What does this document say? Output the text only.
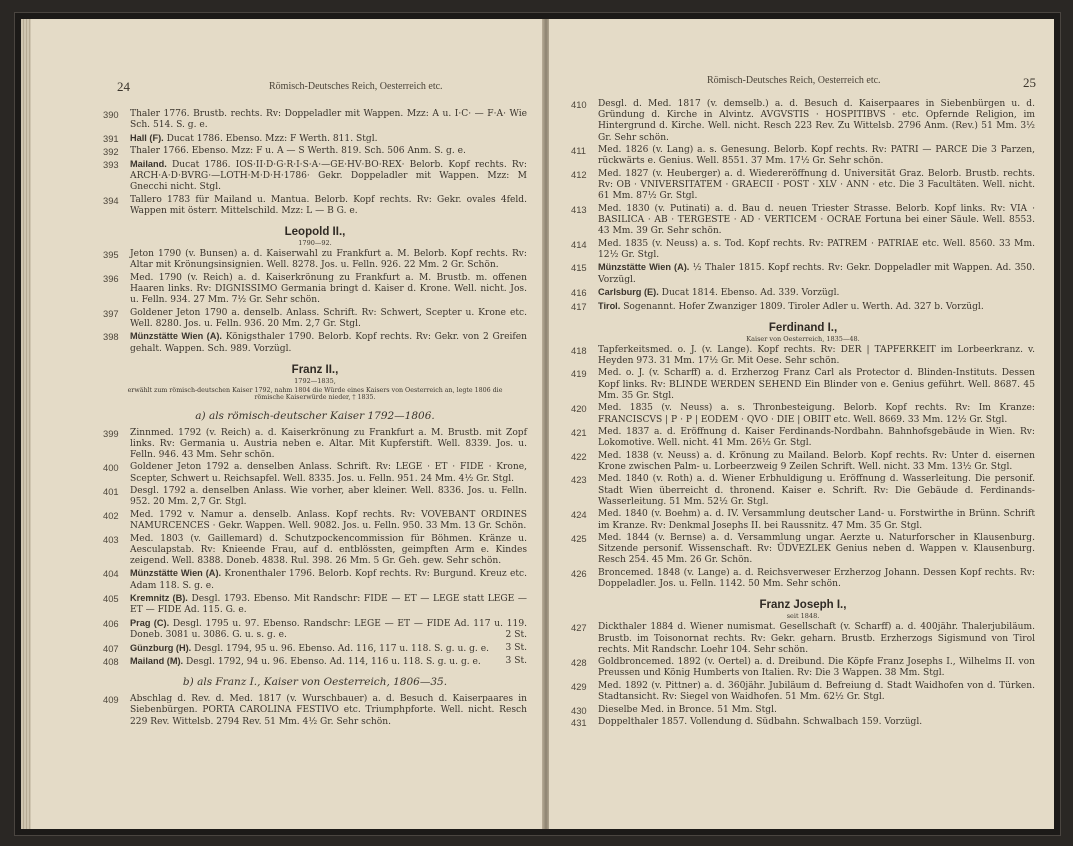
24	Römisch-Deutsches Reich, Oesterreich etc.
390	Thaler 1776. Brustb. rechts. Rv: Doppeladler mit Wappen. Mzz: A u. I·C· — F·A· Wie Sch. 514. S. g. e.
391	Hall (F). Ducat 1786. Ebenso. Mzz: F Werth. 811. Stgl.
392	Thaler 1766. Ebenso. Mzz: F u. A — S Werth. 819. Sch. 506 Anm. S. g. e.
393	Mailand. Ducat 1786. IOS·II·D·G·R·I·S·A·—GE·HV·BO·REX· Belorb. Kopf rechts. Rv: ARCH·A·D·BVRG·—LOTH·M·D·H·1786· Gekr. Doppeladler mit Wappen. Mzz: M Gnecchi nicht. Stgl.
394	Tallero 1783 für Mailand u. Mantua. Belorb. Kopf rechts. Rv: Gekr. ovales 4feld. Wappen mit österr. Mittelschild. Mzz: L — B G. e.
Leopold II.,
1790—92.
395	Jeton 1790 (v. Bunsen) a. d. Kaiserwahl zu Frankfurt a. M. Belorb. Kopf rechts. Rv: Altar mit Krönungsinsignien. Well. 8278. Jos. u. Felln. 926. 22 Mm. 2 Gr. Schön.
396	Med. 1790 (v. Reich) a. d. Kaiserkrönung zu Frankfurt a. M. Brustb. m. offenen Haaren links. Rv: DIGNISSIMO Germania bringt d. Kaiser d. Krone. Well. nicht. Jos. u. Felln. 934. 27 Mm. 7½ Gr. Sehr schön.
397	Goldener Jeton 1790 a. denselb. Anlass. Schrift. Rv: Schwert, Scepter u. Krone etc. Well. 8280. Jos. u. Felln. 936. 20 Mm. 2,7 Gr. Stgl.
398	Münzstätte Wien (A). Königsthaler 1790. Belorb. Kopf rechts. Rv: Gekr. von 2 Greifen gehalt. Wappen. Sch. 989. Vorzügl.
Franz II.,
1792—1835,
erwählt zum römisch-deutschen Kaiser 1792, nahm 1804 die Würde eines Kaisers von Oesterreich an, legte 1806 die römische Kaiserwürde nieder, † 1835.
a) als römisch-deutscher Kaiser 1792—1806.
399	Zinnmed. 1792 (v. Reich) a. d. Kaiserkrönung zu Frankfurt a. M. Brustb. mit Zopf links. Rv: Germania u. Austria neben e. Altar. Mit Kupferstift. Well. 8339. Jos. u. Felln. 946. 43 Mm. Sehr schön.
400	Goldener Jeton 1792 a. denselben Anlass. Schrift. Rv: LEGE · ET · FIDE · Krone, Scepter, Schwert u. Reichsapfel. Well. 8335. Jos. u. Felln. 951. 24 Mm. 4½ Gr. Stgl.
401	Desgl. 1792 a. denselben Anlass. Wie vorher, aber kleiner. Well. 8336. Jos. u. Felln. 952. 20 Mm. 2,7 Gr. Stgl.
402	Med. 1792 v. Namur a. denselb. Anlass. Kopf rechts. Rv: VOVEBANT ORDINES NAMURCENCES · Gekr. Wappen. Well. 9082. Jos. u. Felln. 950. 33 Mm. 13 Gr. Schön.
403	Med. 1803 (v. Gaillemard) d. Schutzpockencommission für Böhmen. Kränze u. Aesculapstab. Rv: Knieende Frau, auf d. entblössten, geimpften Arm e. Kindes zeigend. Well. 8388. Doneb. 4838. Rul. 398. 26 Mm. 5 Gr. Geh. gew. Sehr schön.
404	Münzstätte Wien (A). Kronenthaler 1796. Belorb. Kopf rechts. Rv: Burgund. Kreuz etc. Adam 118. S. g. e.
405	Kremnitz (B). Desgl. 1793. Ebenso. Mit Randschr: FIDE — ET — LEGE statt LEGE — ET — FIDE Ad. 115. G. e.
406	Prag (C). Desgl. 1795 u. 97. Ebenso. Randschr: LEGE — ET — FIDE Ad. 117 u. 119. Doneb. 3081 u. 3086. G. u. s. g. e.	2 St.
407	Günzburg (H). Desgl. 1794, 95 u. 96. Ebenso. Ad. 116, 117 u. 118. S. g. u. g. e. 3 St.
408	Mailand (M). Desgl. 1792, 94 u. 96. Ebenso. Ad. 114, 116 u. 118. S. g. u. g. e.	3 St.
b) als Franz I., Kaiser von Oesterreich, 1806—35.
409	Abschlag d. Rev. d. Med. 1817 (v. Wurschbauer) a. d. Besuch d. Kaiserpaares in Siebenbürgen. PORTA CAROLINA FESTIVO etc. Triumphpforte. Well. nicht. Resch 229 Rev. Wittelsb. 2794 Rev. 51 Mm. 4½ Gr. Sehr schön.
Römisch-Deutsches Reich, Oesterreich etc.	25
410	Desgl. d. Med. 1817 (v. demselb.) a. d. Besuch d. Kaiserpaares in Siebenbürgen u. d. Gründung d. Kirche in Alvintz. AVGVSTIS · HOSPITIBVS · etc. Opfernde Religion, im Hintergrund d. Kirche. Well. nicht. Resch 223 Rev. Zu Wittelsb. 2796 Anm. (Rev.) 51 Mm. 3½ Gr. Sehr schön.
411	Med. 1826 (v. Lang) a. s. Genesung. Belorb. Kopf rechts. Rv: PATRI — PARCE Die 3 Parzen, rückwärts e. Genius. Well. 8551. 37 Mm. 17½ Gr. Sehr schön.
412	Med. 1827 (v. Heuberger) a. d. Wiedereröffnung d. Universität Graz. Belorb. Brustb. rechts. Rv: OB · VNIVERSITATEM · GRAECII · POST · XLV · ANN · etc. Die 3 Facultäten. Well. nicht. 61 Mm. 87½ Gr. Stgl.
413	Med. 1830 (v. Putinati) a. d. Bau d. neuen Triester Strasse. Belorb. Kopf links. Rv: VIA · BASILICA · AB · TERGESTE · AD · VERTICEM · OCRAE Fortuna bei einer Säule. Well. 8553. 43 Mm. 39 Gr. Sehr schön.
414	Med. 1835 (v. Neuss) a. s. Tod. Kopf rechts. Rv: PATREM · PATRIAE etc. Well. 8560. 33 Mm. 12½ Gr. Stgl.
415	Münzstätte Wien (A). ½ Thaler 1815. Kopf rechts. Rv: Gekr. Doppeladler mit Wappen. Ad. 350. Vorzügl.
416	Carlsburg (E). Ducat 1814. Ebenso. Ad. 339. Vorzügl.
417	Tirol. Sogenannt. Hofer Zwanziger 1809. Tiroler Adler u. Werth. Ad. 327 b. Vorzügl.
Ferdinand I.,
Kaiser von Oesterreich, 1835—48.
418	Tapferkeitsmed. o. J. (v. Lange). Kopf rechts. Rv: DER | TAPFERKEIT im Lorbeerkranz. v. Heyden 973. 31 Mm. 17½ Gr. Mit Oese. Sehr schön.
419	Med. o. J. (v. Scharff) a. d. Erzherzog Franz Carl als Protector d. Blinden-Instituts. Dessen Kopf links. Rv: BLINDE WERDEN SEHEND Ein Blinder von e. Genius geführt. Well. 8687. 45 Mm. 35 Gr. Stgl.
420	Med. 1835 (v. Neuss) a. s. Thronbesteigung. Belorb. Kopf rechts. Rv: Im Kranze: FRANCISCVS | P · P | EODEM · QVO · DIE | OBIIT etc. Well. 8669. 33 Mm. 12½ Gr. Stgl.
421	Med. 1837 a. d. Eröffnung d. Kaiser Ferdinands-Nordbahn. Bahnhofsgebäude in Wien. Rv: Lokomotive. Well. nicht. 41 Mm. 26½ Gr. Stgl.
422	Med. 1838 (v. Neuss) a. d. Krönung zu Mailand. Belorb. Kopf rechts. Rv: Unter d. eisernen Krone zwischen Palm- u. Lorbeerzweig 9 Zeilen Schrift. Well. nicht. 33 Mm. 13½ Gr. Stgl.
423	Med. 1840 (v. Roth) a. d. Wiener Erbhuldigung u. Eröffnung d. Wasserleitung. Die personif. Stadt Wien überreicht d. thronend. Kaiser e. Schrift. Rv: Die Gebäude d. Ferdinands-Wasserleitung. 51 Mm. 52½ Gr. Stgl.
424	Med. 1840 (v. Boehm) a. d. IV. Versammlung deutscher Land- u. Forstwirthe in Brünn. Schrift im Kranze. Rv: Denkmal Josephs II. bei Raussnitz. 47 Mm. 35 Gr. Stgl.
425	Med. 1844 (v. Bernse) a. d. Versammlung ungar. Aerzte u. Naturforscher in Klausenburg. Sitzende personif. Wissenschaft. Rv: ÜDVEZLEK Genius neben d. Wappen v. Klausenburg. Resch 254. 45 Mm. 26 Gr. Schön.
426	Broncemed. 1848 (v. Lange) a. d. Reichsverweser Erzherzog Johann. Dessen Kopf rechts. Rv: Doppeladler. Jos. u. Felln. 1142. 50 Mm. Sehr schön.
Franz Joseph I.,
seit 1848.
427	Dickthaler 1884 d. Wiener numismat. Gesellschaft (v. Scharff) a. d. 400jähr. Thalerjubiläum. Brustb. im Toisonornat rechts. Rv: Gekr. geharn. Brustb. Erzherzogs Sigismund von Tirol rechts. Mit Randschr. Loehr 104. Sehr schön.
428	Goldbroncemed. 1892 (v. Oertel) a. d. Dreibund. Die Köpfe Franz Josephs I., Wilhelms II. von Preussen und König Humberts von Italien. Rv: Die 3 Wappen. 38 Mm. Stgl.
429	Med. 1892 (v. Pittner) a. d. 360jähr. Jubiläum d. Befreiung d. Stadt Waidhofen von d. Türken. Stadtansicht. Rv: Siegel von Waidhofen. 51 Mm. 62½ Gr. Stgl.
430	Dieselbe Med. in Bronce. 51 Mm. Stgl.
431	Doppelthaler 1857. Vollendung d. Südbahn. Schwalbach 159. Vorzügl.
